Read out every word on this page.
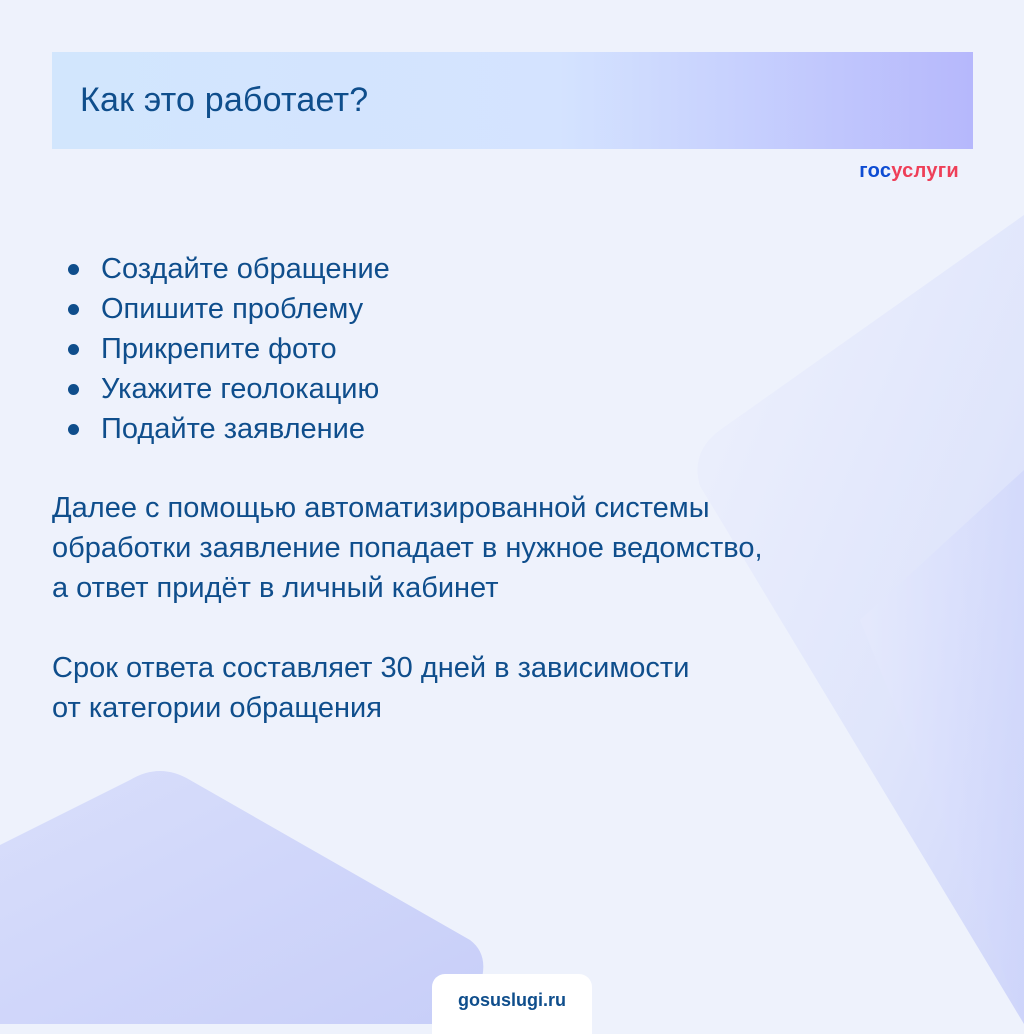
Как это работает?
госуслуги
Создайте обращение
Опишите проблему
Прикрепите фото
Укажите геолокацию
Подайте заявление

Далее с помощью автоматизированной системы
обработки заявление попадает в нужное ведомство,
а ответ придёт в личный кабинет

Срок ответа составляет 30 дней в зависимости
от категории обращения

gosuslugi.ru
